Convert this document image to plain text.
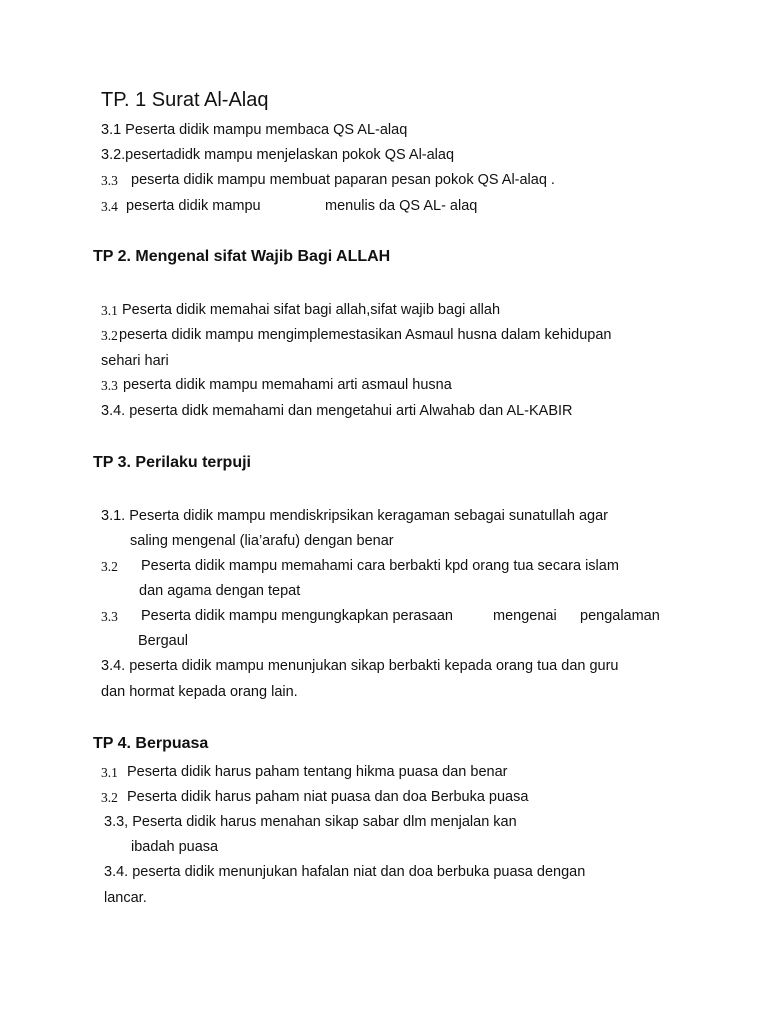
TP. 1 Surat Al-Alaq
3.1 Peserta didik mampu membaca QS AL-alaq
3.2.pesertadidk mampu menjelaskan pokok QS Al-alaq
3.3 peserta didik mampu membuat paparan pesan pokok QS Al-alaq .
3.4 peserta didik mampu	menulis da QS AL- alaq
TP 2. Mengenal sifat Wajib Bagi ALLAH
3.1 Peserta didik memahai sifat bagi allah,sifat wajib bagi allah
3.2 peserta didik mampu mengimplemestasikan Asmaul husna dalam kehidupan
sehari hari
3.3 peserta didik mampu memahami arti asmaul husna
3.4. peserta didk memahami dan mengetahui arti Alwahab dan AL-KABIR
TP 3. Perilaku terpuji
3.1. Peserta didik mampu mendiskripsikan keragaman sebagai sunatullah agar
saling mengenal (lia’arafu) dengan benar
3.2 Peserta didik mampu memahami cara berbakti kpd orang tua secara islam
dan agama dengan tepat
3.3 Peserta didik mampu mengungkapkan perasaan	mengenai pengalaman
Bergaul
3.4. peserta didik mampu menunjukan sikap berbakti kepada orang tua dan guru
dan hormat kepada orang lain.
TP 4. Berpuasa
3.1 Peserta didik harus paham tentang hikma puasa dan benar
3.2 Peserta didik harus paham niat puasa dan doa Berbuka puasa
3.3, Peserta didik harus menahan sikap sabar dlm menjalan kan
ibadah puasa
3.4. peserta didik menunjukan hafalan niat dan doa berbuka puasa dengan
lancar.
